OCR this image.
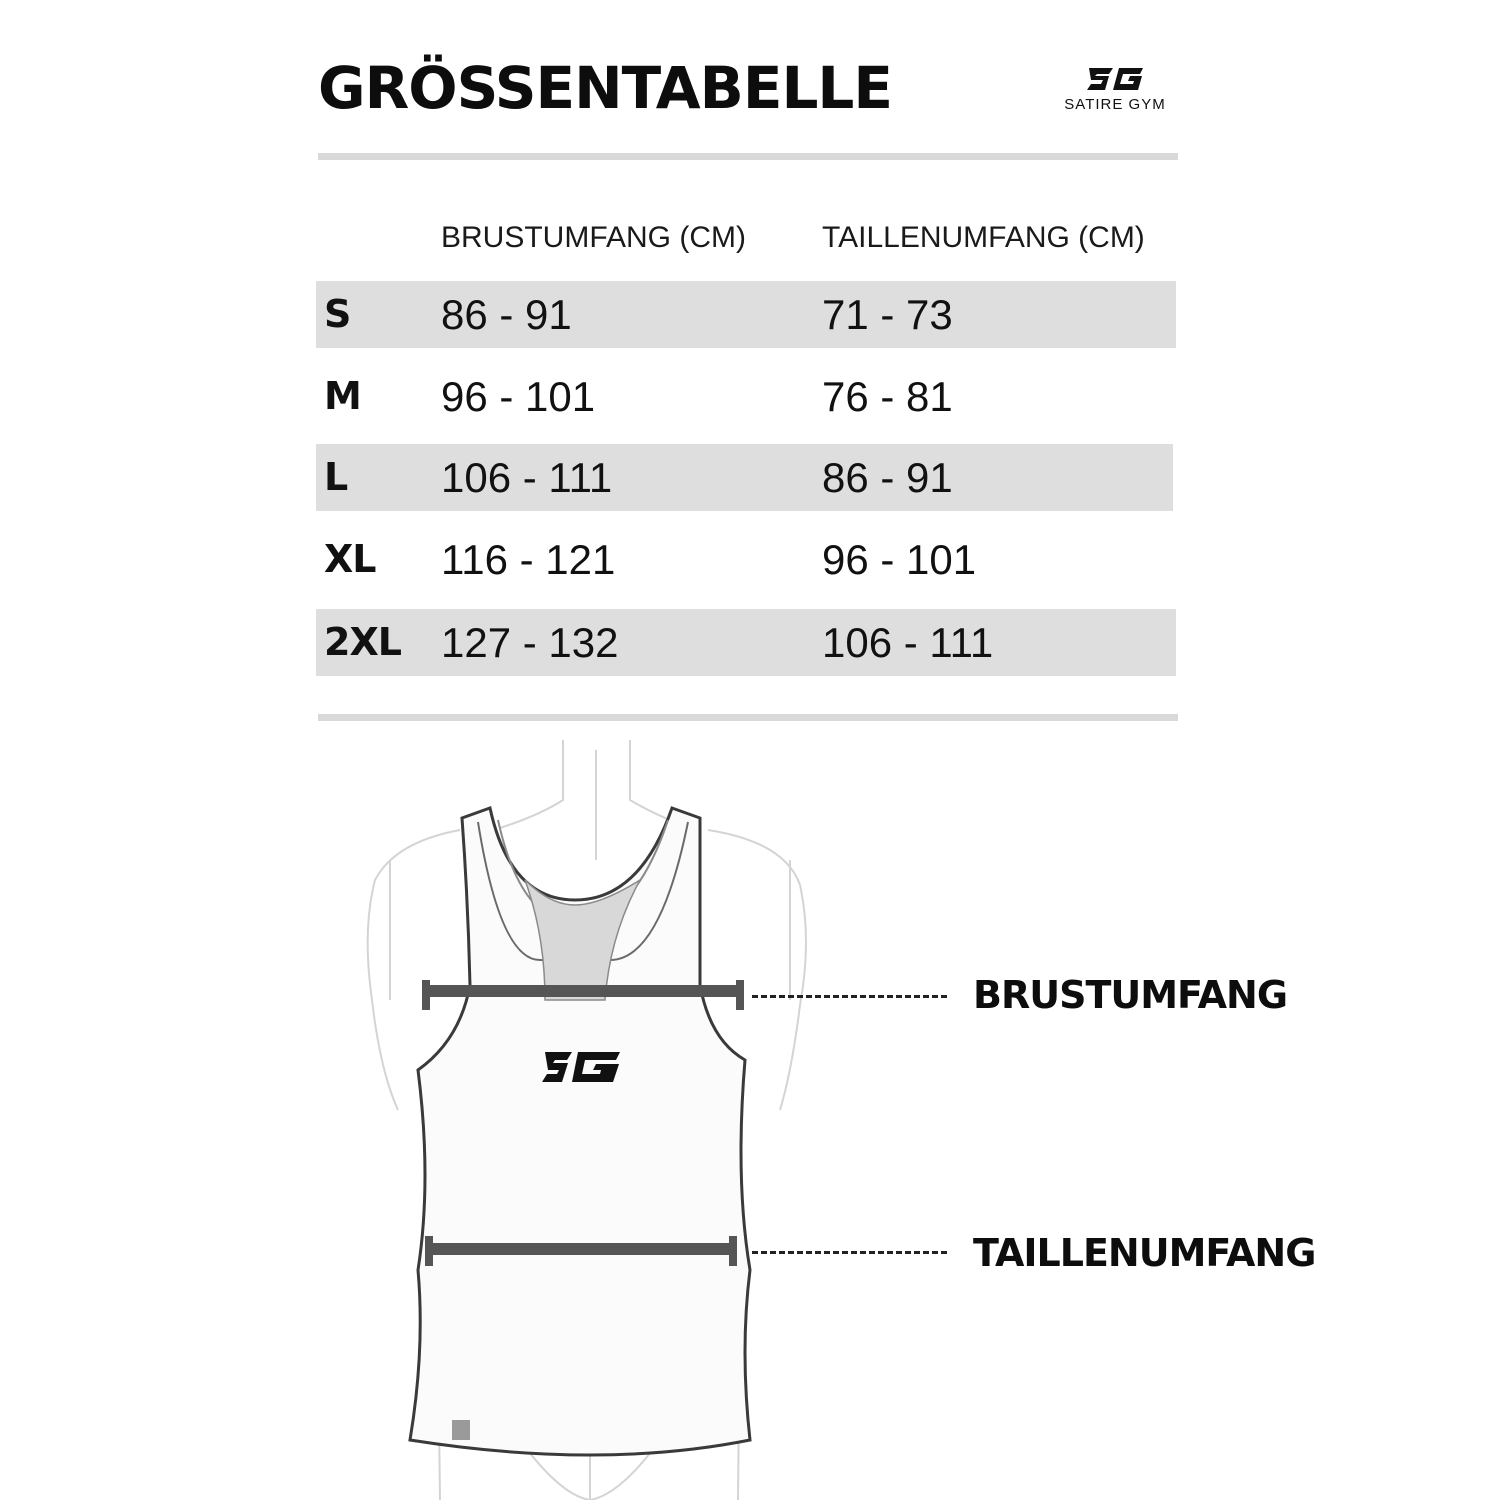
GRÖSSENTABELLE	SATIRE GYM
BRUSTUMFANG (CM)	TAILLENUMFANG (CM)
S 86 - 91	71 - 73
M 96 - 101	76 - 81
L 106 - 111	86 - 91
XL 116 - 121	96 - 101
2XL 127 - 132	106 - 111
BRUSTUMFANG
TAILLENUMFANG
